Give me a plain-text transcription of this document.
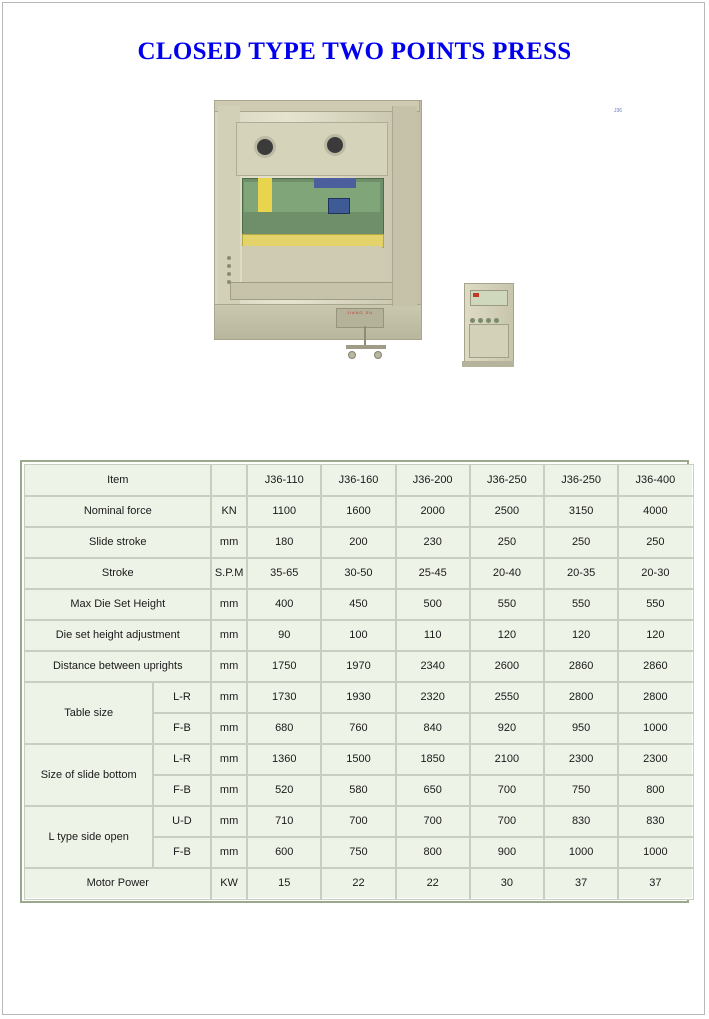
CLOSED TYPE TWO POINTS PRESS
JIANG SU
J36
Item			J36-110	J36-160	J36-200	J36-250	J36-250	J36-400
Nominal force		KN	1100	1600	2000	2500	3150	4000
Slide stroke		mm	180	200	230	250	250	250
Stroke		S.P.M	35-65	30-50	25-45	20-40	20-35	20-30
Max Die Set Height		mm	400	450	500	550	550	550
Die set height adjustment		mm	90	100	110	120	120	120
Distance between uprights		mm	1750	1970	2340	2600	2860	2860
Table size	L-R	mm	1730	1930	2320	2550	2800	2800
	F-B	mm	680	760	840	920	950	1000
Size of slide bottom	L-R	mm	1360	1500	1850	2100	2300	2300
	F-B	mm	520	580	650	700	750	800
L type side open	U-D	mm	710	700	700	700	830	830
	F-B	mm	600	750	800	900	1000	1000
Motor Power		KW	15	22	22	30	37	37
